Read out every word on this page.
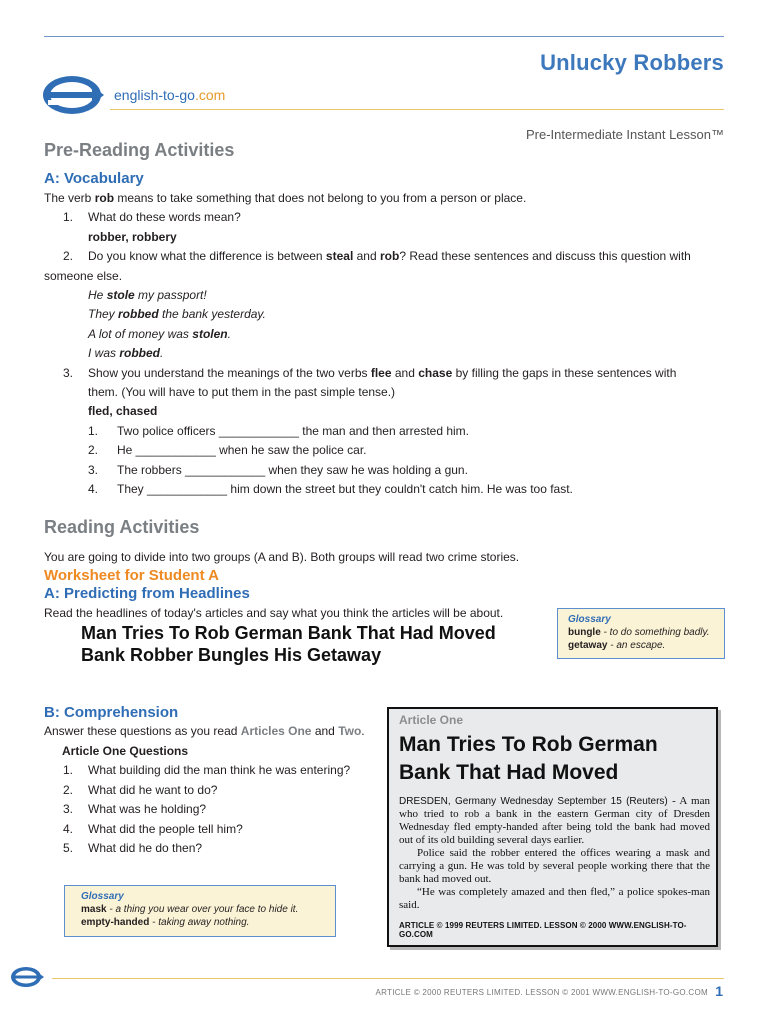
Unlucky Robbers
english-to-go.com
Pre-Intermediate Instant Lesson™
Pre-Reading Activities
A: Vocabulary
The verb rob means to take something that does not belong to you from a person or place.
1. What do these words mean?
robber, robbery
2. Do you know what the difference is between steal and rob? Read these sentences and discuss this question with
someone else.
He stole my passport!
They robbed the bank yesterday.
A lot of money was stolen.
I was robbed.
3. Show you understand the meanings of the two verbs flee and chase by filling the gaps in these sentences with
them. (You will have to put them in the past simple tense.)
fled, chased
1. Two police officers ____________ the man and then arrested him.
2. He ____________ when he saw the police car.
3. The robbers ____________ when they saw he was holding a gun.
4. They ____________ him down the street but they couldn't catch him. He was too fast.
Reading Activities
You are going to divide into two groups (A and B). Both groups will read two crime stories.
Worksheet for Student A
A: Predicting from Headlines
Read the headlines of today's articles and say what you think the articles will be about.
Man Tries To Rob German Bank That Had Moved
Bank Robber Bungles His Getaway
Glossary
bungle - to do something badly.
getaway - an escape.
B: Comprehension
Answer these questions as you read Articles One and Two.
Article One Questions
1. What building did the man think he was entering?
2. What did he want to do?
3. What was he holding?
4. What did the people tell him?
5. What did he do then?
Glossary
mask - a thing you wear over your face to hide it.
empty-handed - taking away nothing.
Article One
Man Tries To Rob German Bank That Had Moved

DRESDEN, Germany Wednesday September 15 (Reuters) - A man who tried to rob a bank in the eastern German city of Dresden Wednesday fled empty-handed after being told the bank had moved out of its old building several days earlier.

Police said the robber entered the offices wearing a mask and carrying a gun. He was told by several people working there that the bank had moved out.

“He was completely amazed and then fled,” a police spokes-man said.

ARTICLE © 1999 REUTERS LIMITED. LESSON © 2000 WWW.ENGLISH-TO-GO.COM
ARTICLE © 2000 REUTERS LIMITED. LESSON © 2001 WWW.ENGLISH-TO-GO.COM 1
